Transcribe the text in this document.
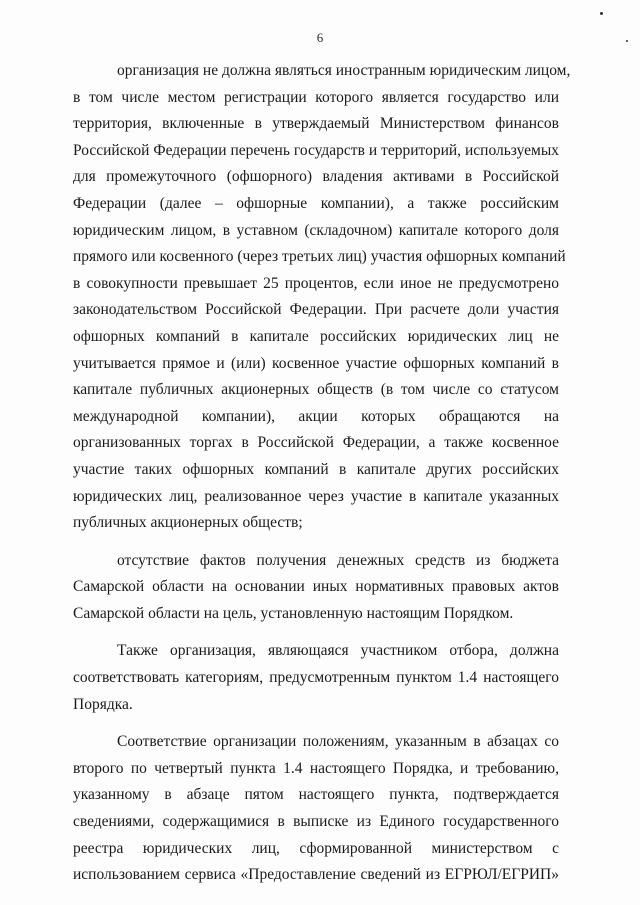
6
организация не должна являться иностранным юридическим лицом,
в том числе местом регистрации которого является государство или
территория, включенные в утверждаемый Министерством финансов
Российской Федерации перечень государств и территорий, используемых
для промежуточного (офшорного) владения активами в Российской
Федерации (далее – офшорные компании), а также российским
юридическим лицом, в уставном (складочном) капитале которого доля
прямого или косвенного (через третьих лиц) участия офшорных компаний
в совокупности превышает 25 процентов, если иное не предусмотрено
законодательством Российской Федерации. При расчете доли участия
офшорных компаний в капитале российских юридических лиц не
учитывается прямое и (или) косвенное участие офшорных компаний в
капитале публичных акционерных обществ (в том числе со статусом
международной компании), акции которых обращаются на
организованных торгах в Российской Федерации, а также косвенное
участие таких офшорных компаний в капитале других российских
юридических лиц, реализованное через участие в капитале указанных
публичных акционерных обществ;
отсутствие фактов получения денежных средств из бюджета
Самарской области на основании иных нормативных правовых актов
Самарской области на цель, установленную настоящим Порядком.
Также организация, являющаяся участником отбора, должна
соответствовать категориям, предусмотренным пунктом 1.4 настоящего
Порядка.
Соответствие организации положениям, указанным в абзацах со
второго по четвертый пункта 1.4 настоящего Порядка, и требованию,
указанному в абзаце пятом настоящего пункта, подтверждается
сведениями, содержащимися в выписке из Единого государственного
реестра юридических лиц, сформированной министерством с
использованием сервиса «Предоставление сведений из ЕГРЮЛ/ЕГРИП»
